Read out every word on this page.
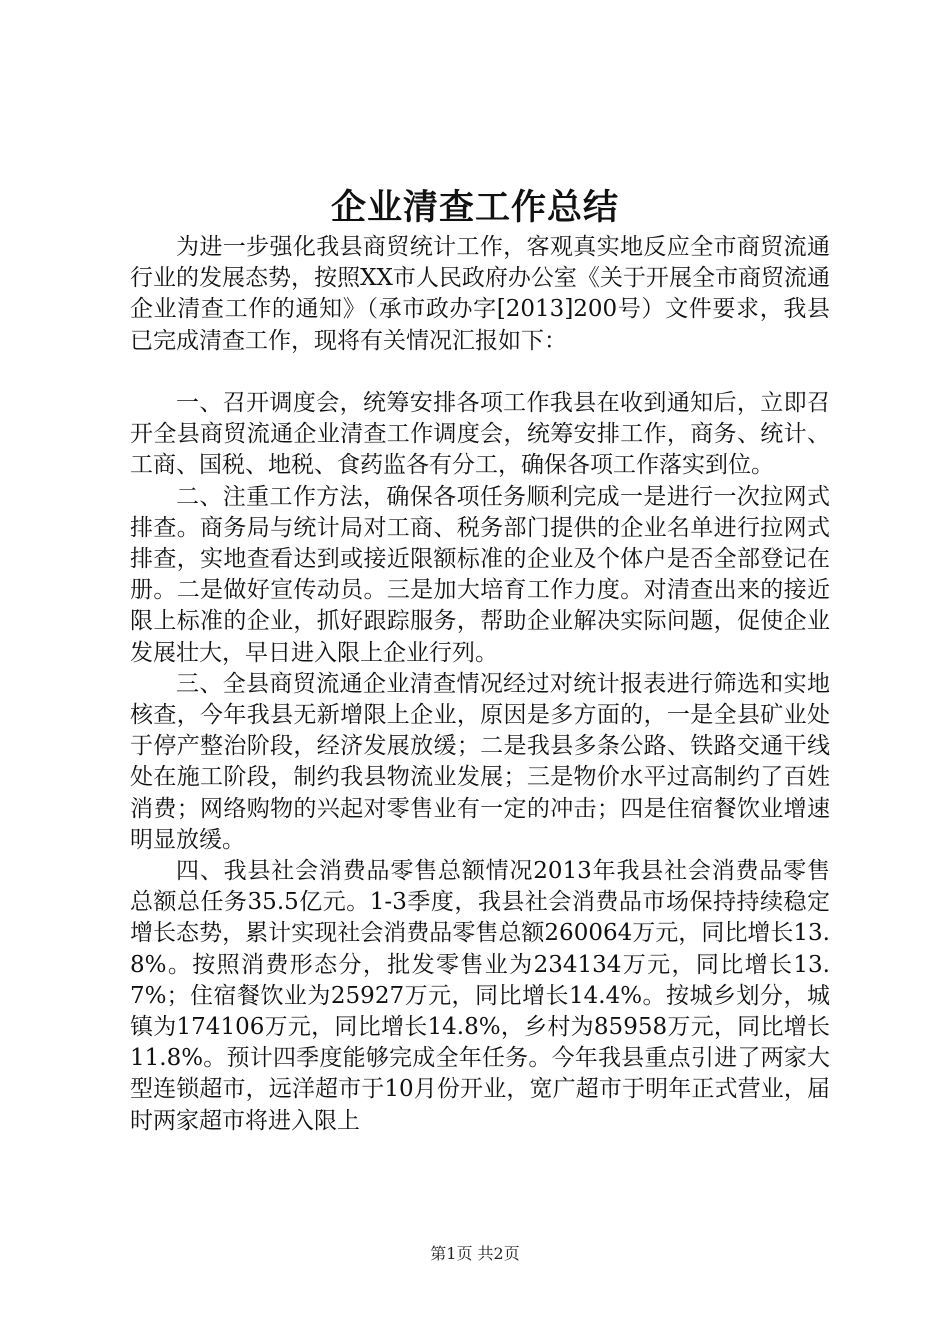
企业清查工作总结

为进一步强化我县商贸统计工作，客观真实地反应全市商贸流通行业的发展态势，按照XX市人民政府办公室《关于开展全市商贸流通企业清查工作的通知》（承市政办字[2013]200号）文件要求，我县已完成清查工作，现将有关情况汇报如下：

一、召开调度会，统筹安排各项工作我县在收到通知后，立即召开全县商贸流通企业清查工作调度会，统筹安排工作，商务、统计、工商、国税、地税、食药监各有分工，确保各项工作落实到位。

二、注重工作方法，确保各项任务顺利完成一是进行一次拉网式排查。商务局与统计局对工商、税务部门提供的企业名单进行拉网式排查，实地查看达到或接近限额标准的企业及个体户是否全部登记在册。二是做好宣传动员。三是加大培育工作力度。对清查出来的接近限上标准的企业，抓好跟踪服务，帮助企业解决实际问题，促使企业发展壮大，早日进入限上企业行列。

三、全县商贸流通企业清查情况经过对统计报表进行筛选和实地核查，今年我县无新增限上企业，原因是多方面的，一是全县矿业处于停产整治阶段，经济发展放缓；二是我县多条公路、铁路交通干线处在施工阶段，制约我县物流业发展；三是物价水平过高制约了百姓消费；网络购物的兴起对零售业有一定的冲击；四是住宿餐饮业增速明显放缓。

四、我县社会消费品零售总额情况2013年我县社会消费品零售总额总任务35.5亿元。1-3季度，我县社会消费品市场保持持续稳定增长态势，累计实现社会消费品零售总额260064万元，同比增长13.8%。按照消费形态分，批发零售业为234134万元，同比增长13.7%；住宿餐饮业为25927万元，同比增长14.4%。按城乡划分，城镇为174106万元，同比增长14.8%，乡村为85958万元，同比增长11.8%。预计四季度能够完成全年任务。今年我县重点引进了两家大型连锁超市，远洋超市于10月份开业，宽广超市于明年正式营业，届时两家超市将进入限上

第1页 共2页
